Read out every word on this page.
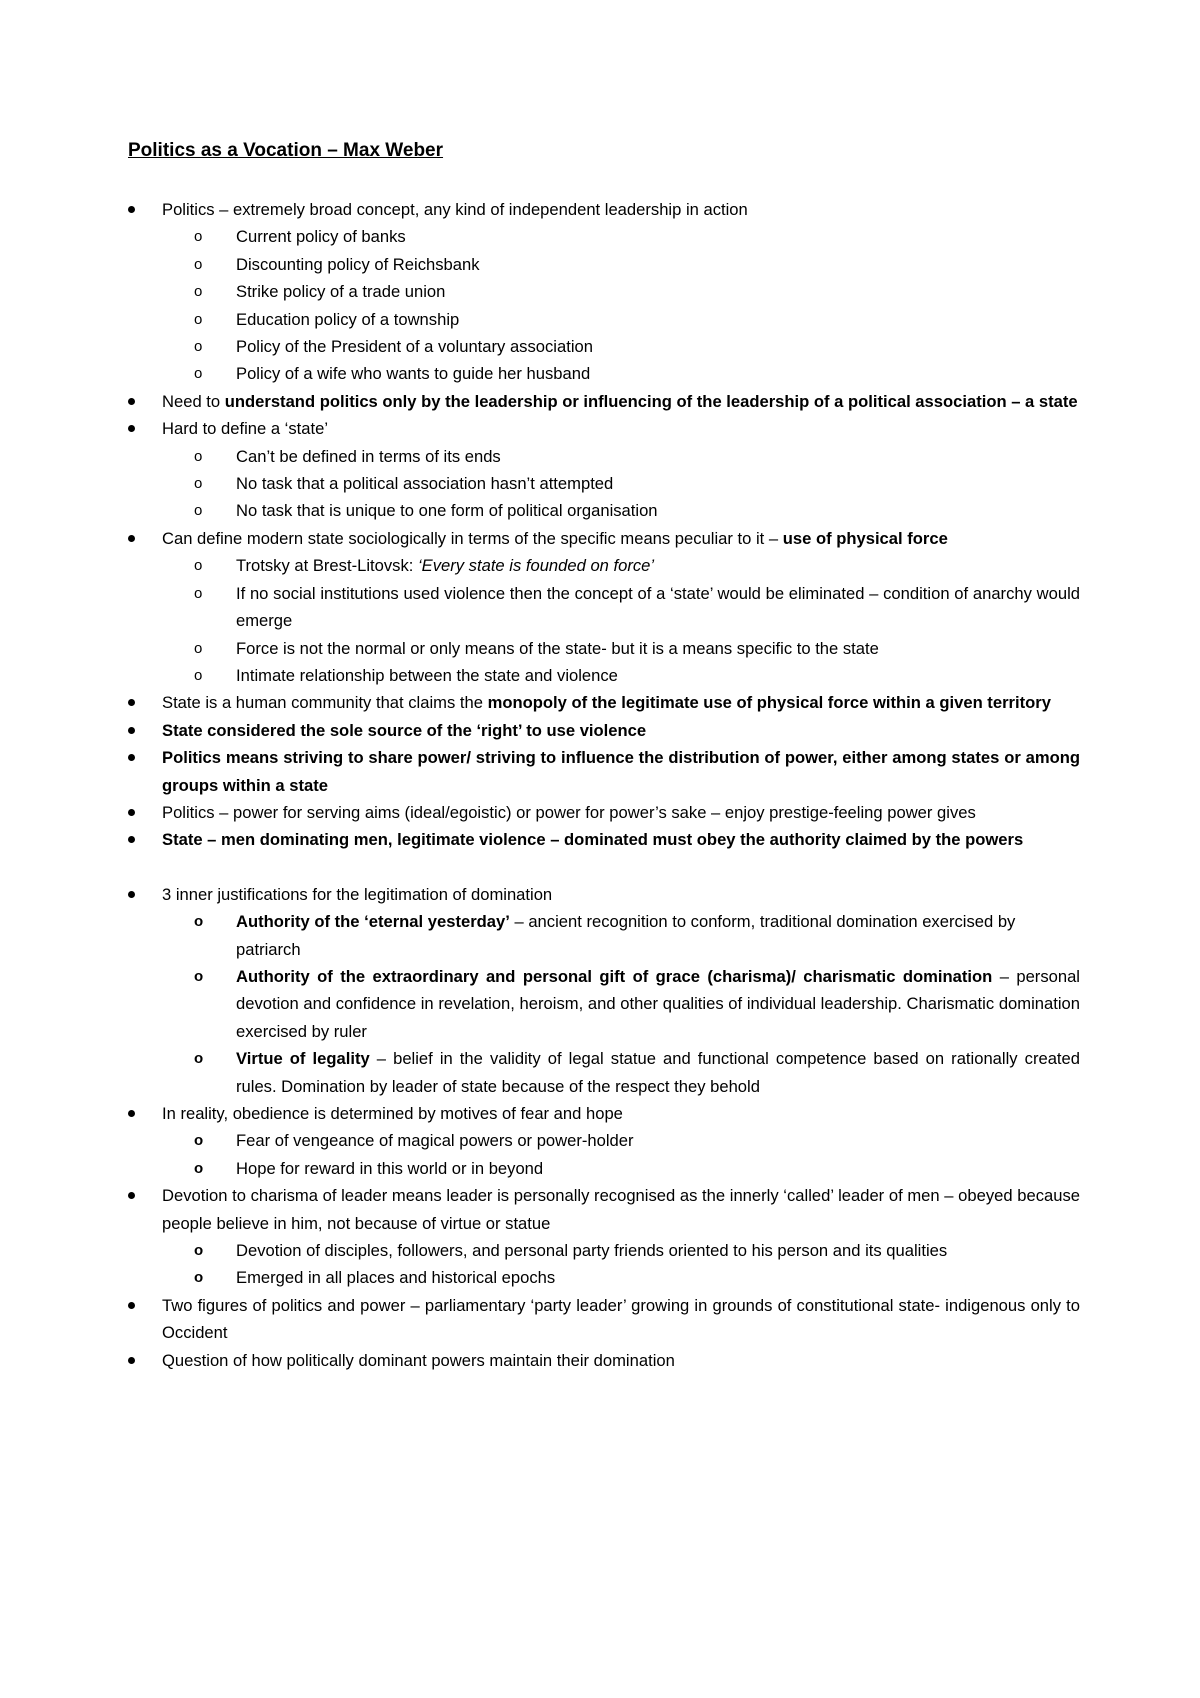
Politics as a Vocation – Max Weber
Politics – extremely broad concept, any kind of independent leadership in action
o Current policy of banks
o Discounting policy of Reichsbank
o Strike policy of a trade union
o Education policy of a township
o Policy of the President of a voluntary association
o Policy of a wife who wants to guide her husband
Need to understand politics only by the leadership or influencing of the leadership of a political association – a state
Hard to define a ‘state’
o Can’t be defined in terms of its ends
o No task that a political association hasn’t attempted
o No task that is unique to one form of political organisation
Can define modern state sociologically in terms of the specific means peculiar to it – use of physical force
o Trotsky at Brest-Litovsk: ‘Every state is founded on force’
o If no social institutions used violence then the concept of a ‘state’ would be eliminated – condition of anarchy would emerge
o Force is not the normal or only means of the state- but it is a means specific to the state
o Intimate relationship between the state and violence
State is a human community that claims the monopoly of the legitimate use of physical force within a given territory
State considered the sole source of the ‘right’ to use violence
Politics means striving to share power/ striving to influence the distribution of power, either among states or among groups within a state
Politics – power for serving aims (ideal/egoistic) or power for power’s sake – enjoy prestige-feeling power gives
State – men dominating men, legitimate violence – dominated must obey the authority claimed by the powers
3 inner justifications for the legitimation of domination
o Authority of the ‘eternal yesterday’ – ancient recognition to conform, traditional domination exercised by patriarch
o Authority of the extraordinary and personal gift of grace (charisma)/ charismatic domination – personal devotion and confidence in revelation, heroism, and other qualities of individual leadership. Charismatic domination exercised by ruler
o Virtue of legality – belief in the validity of legal statue and functional competence based on rationally created rules. Domination by leader of state because of the respect they behold
In reality, obedience is determined by motives of fear and hope
o Fear of vengeance of magical powers or power-holder
o Hope for reward in this world or in beyond
Devotion to charisma of leader means leader is personally recognised as the innerly ‘called’ leader of men – obeyed because people believe in him, not because of virtue or statue
o Devotion of disciples, followers, and personal party friends oriented to his person and its qualities
o Emerged in all places and historical epochs
Two figures of politics and power – parliamentary ‘party leader’ growing in grounds of constitutional state- indigenous only to Occident
Question of how politically dominant powers maintain their domination
